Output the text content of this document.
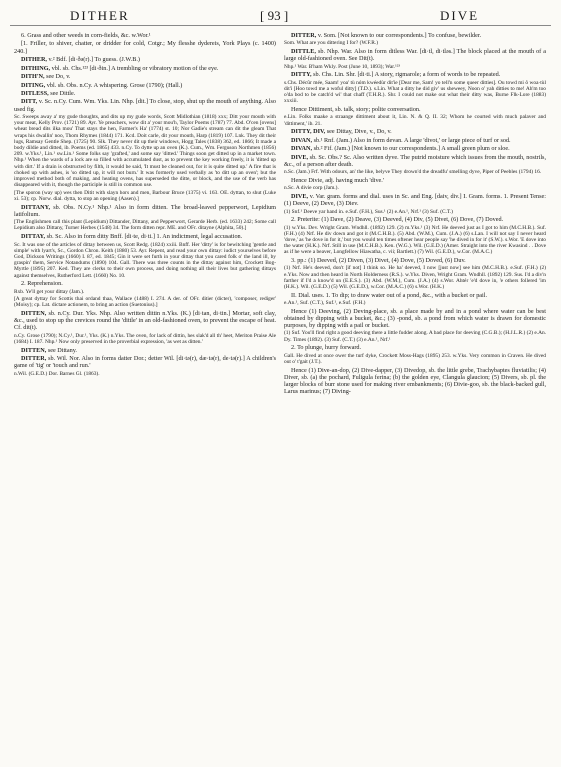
DITHER	[ 93 ]	DIVE

6. Grass and other weeds in corn-fields, &c. w.Wor.¹

[1. Friller, to shiver, chatter, or dridder for cold, Cotgr.; My flesshe dydereis, York Plays (c. 1400) 240.]

DITHER, v.² Bdf. [di·ðə(r).] To guess. (J.W.B.)

DITHING, vbl. sb. Chs.¹²³ [di·ðin.] A trembling or vibratory motion of the eye.

DITH'N, see Do, v.

DITING, vbl. sb. Obs. n.Cy. A whispering. Grose (1790); (Hall.)

DITLESS, see Dittle.

DITT, v. Sc. n.Cy. Cum. Wm. Yks. Lin. Nhp. [dit.] To close, stop, shut up the mouth of anything. Also used fig.

Sc. Sweeps away a' my gude thoughts, and dits up my gude words, Scott Midlothian (1818) xxx; Ditt your mouth with your meat, Kelly Prov. (1721) 89. Ayr. Ye preachers, wow dit a' your mou'h, Taylor Poems (1787) 77. Abd. O'cen [ovens] wheat bread dits ilka mou' That stays the hen, Farmer's Ha' (1774) st. 10; Nor Gadie's stream can dit the gleam That wraps his dwallin' noo, Thom Rhymes (1844) 171. Kcd. Doit carle, dit your mouth, Harp (1819) 107. Lnk. They dit their lugs, Ramsay Gentle Shep. (1725) 90. Slk. They never dit up their windows, Hogg Tales (1838) 362, ed. 1866; It made a body dildie and ditted, ib. Poems (ed. 1865) 433. n.Cy. To dytte up an oven (K.). Cum., Wm. Ferguson Northmen (1856) 209. w.Yks.¹, Lin.¹ sw.Lin.¹ Some folks say 'grafted,' and some say 'ditted.' Things soon get ditted up in a market town. Nhp.¹ When the wards of a lock are so filled with accumulated dust, as to prevent the key working freely, it is 'ditted up with dirt.' If a drain is obstructed by filth, it would be said, 'It must be cleaned out, for it is quite ditted up.' A fire that is choked up with ashes, is 'so ditted up, it will not burn.' It was formerly used verbally as 'to ditt up an oven'; but the improved method both of making, and heating ovens, has superseded the ditte, or block, and the use of the verb has disappeared with it, though the participle is still in common use.

[The sporon (way up) wes then Ditit with slayn hors and men, Barbour Bruce (1375) vi. 163. OE. dyttan, to shut (Luke xi. 53); cp. Norw. dial. dytta, to stop an opening (Aasen).]

DITTANY, sb. Obs. N.Cy.¹ Nhp.¹ Also in form ditten. The broad-leaved pepperwort, Lepidium latifolium.

[The Englishmen call this plant (Lepidium) Dittander, Dittany, and Pepperwort, Gerarde Herb. (ed. 1633) 242; Some call Lepidium also Dittany, Turner Herbes (1548) 34. The form ditten repr. ME. and OFr. ditayne (Alphita, 50).]

DITTAY, sb. Sc. Also in form ditty Bnff. [di·te, di·ti.] 1. An indictment, legal accusation.

Sc. It was one of the articles of dittay between us, Scott Redg. (1824) xxiii. Bnff. Her 'ditty' is for bewitching 'gentle and simple' with lyart's, Sc., Gordon Chron. Keith (1880) 53. Ayr. Repent, and read your own dittay: iudict yourselves before God, Dickson Writings (1660) I. 87, ed. 1845; Gin it were set furth in your dittay that you cared folk o' the land ill, by graspin' them, Service Notandums (1890) 104. Gall. There was three counts in the dittay against him, Crockett Bog-Myrtle (1895) 207. Ked. They are clerks to their own process, and doing nothing all their lives but gathering dittays against themselves, Rutherford Lett. (1660) No. 10.

2. Reprehension.

Rxb. Ye'll get your dittay (Jam.).

[A great dyttay for Scottis thai ordand thaa, Wallace (1488) I. 274. A der. of OFr. ditier (dicter), 'composer, rediger' (Moisy); cp. Lat. dictare actionem, to bring an action (Suetonius).]

DITTEN, sb. n.Cy. Dur. Yks. Nhp. Also written dittin n.Yks. (K.) [di·tan, di·tin.] Mortar, soft clay, &c., used to stop up the crevices round the 'dittle' in an old-fashioned oven, to prevent the escape of heat. Cf. dit(t).

n.Cy. Grose (1790); N.Cy.¹, Dur.¹, Yks. (K.) n.Yks. The oven, for lack of dittin, hes slak'd all th' heet, Meriton Praise Ale (1684) I. 187. Nhp.¹ Now only preserved in the proverbial expression, 'as wet as ditten.'

DITTEN, see Dittany.

DITTER, sb. Wil. Nor. Also in forms datter Dor.; detter Wil. [di·tə(r), dæ·tə(r), de·tə(r).] A children's game of 'tig' or 'touch and run.'

n.Wil. (G.E.D.) Dor. Barnes Gl. (1863).

DITTER, v. Som. [Not known to our correspondents.] To confuse, bewilder.

Som. What are you dittering I for? (W.F.R.)

DITTLE, sb. Nhp. War. Also in form ditless War. [di·tl, di·tləs.] The block placed at the mouth of a large old-fashioned oven. See Dit(t).

Nhp.¹ War. B'ham Wkly. Post (June 10, 1893); War.¹²³

DITTY, sb. Chs. Lin. Shr. [di·ti.] A story, rigmarole; a form of words to be repeated.

s.Chs. Décûr mée, Saam! yoa' tù nóm kwéedùr dit'ie [Dear me, Sam! yo tell'n some queer ditties]. Ou towd mi ô woa·tùl dit'i [Hoo towd me a woful ditty] (T.D.). s.Lin. What a ditty he did giv' us sheweey, Noon o' yah ditties to me! Ah'm too o'da bod to be catch'd wi' that chaff (T.H.R.). Shr. I could not make out what their ditty was, Burne Flk-Lore (1883) xxxiii.

Hence Dittiment, sb. talk, story; polite conversation.

e.Lin. Folks maake a straange dittiment about it, Lin. N. & Q. II. 32; Whom he courted with much palaver and 'dittiment,' ib. 21.

DITTY, DIV, see Dittay, Dive, v., Do, v.

DIVAN, sb.¹ Rnf. (Jam.) Also in form devan. A large 'divot,' or large piece of turf or sod.

DIVAN, sb.² Fif. (Jam.) [Not known to our correspondents.] A small green plum or sloe.

DIVE, sb. Sc. Obs.? Sc. Also written dyve. The putrid moisture which issues from the mouth, nostrils, &c., of a person after death.

n.Sc. (Jam.) Frf. With odours, an' the like, belyve They drown'd the dreadfu' smelling dyve, Piper of Peebles (1794) 16.

Hence Divie, adj. having much 'dive.'

n.Sc. A divie corp (Jam.).

DIVE, v. Var. gram. forms and dial. uses in Sc. and Eng. [daiv, div.] I. Gram. forms. 1. Present Tense: (1) Deeve, (2) Deve, (3) Diev.

(1) Snf.¹ Deeve yar hand in. e.Suf. (F.H.), Sus.¹ (2) e.An.¹, Nrf.¹ (3) Suf. (C.T.)

2. Preterite: (1) Dave, (2) Deave, (3) Deeved, (4) Div, (5) Divet, (6) Dove, (7) Doved.

(1) w.Yks. Dev. Wright Gram. Wndhll. (1892) 129. (2) m.Yks.¹ (3) Nrf. He deeved just as I got to him (M.C.H.B.). Suf. (F.H.) (4) Nrf. He div down and got it (M.C.H.B.). (5) Abd. (W.M.), Cum. (J.A.) (6) s.Lan. I will not say I never heard 'dove,' as 'he dove in for it,' but you would ten times oftener hear people say 'he dived in for it' (S.W.). s.Wor. 'E dove into the water (H.K.). Nrf. Still in use (M.C.H.B.). Ken. (W.G.). Wil. (G.E.D.) (Amer. Straight into the river Kwasind . . Dove as if he were a beaver, Longfellow Hiawatha, c. vii; Bartlett.) (7) Wil. (G.E.D.), w.Cor. (M.A.C.)

3. pp.: (1) Deeved, (2) Diven, (3) Divet, (4) Dove, (5) Doved, (6) Duv.

(1) Nrf. He's deeved, don't [if not] I think so. He ha' deeved, I now [just now] see him (M.C.H.B.). e.Suf. (F.H.) (2) e.Yks. Now and then heard in North Holderness (R.S.). w.Yks. Diven, Wright Gram. Wndhll. (1892) 129. Sus. I'd a div'n farther if I'd a know'd un (E.E.S.). (3) Abd. (W.M.), Cum. (J.A.) (4) s.Wor. Ahtér 'e'd dove in, 'e others follered 'im (H.K.). Wil. (G.E.D.) (5) Wil. (G.E.D.), w.Cor. (M.A.C.) (6) s.Wor. (H.K.)

II. Dial. uses. 1. To dip; to draw water out of a pond, &c., with a bucket or pail.

e.An.¹, Suf. (C.T.), Suf.¹, e.Suf. (F.H.)

Hence (1) Deeving, (2) Deving-place, sb. a place made by and in a pond where water can be best obtained by dipping with a bucket, &c.; (3) -pond, sb. a pond from which water is drawn for domestic purposes, by dipping with a pail or bucket.

(1) Suf. You'll find right a good deeving there a little fudder along. A bad place for deeving (C.G.B.); (H.J.L.R.) (2) e.An. Dy. Times (1892). (3) Suf. (C.T.) (3) e.An.¹, Nrf.¹

2. To plunge, hurry forward.

Gall. He dived at once ower the turf dyke, Crockett Moss-Hags (1895) 253. w.Yks. Very common in Craven. He dived out o' t'gait (J.T.).

Hence (1) Dive-an-dop, (2) Dive-dapper, (3) Divedop, sb. the little grebe, Trachybaptes fluviatilis; (4) Diver, sb. (a) the pochard, Fuligula ferina; (b) the golden eye, Clangula glaucion; (5) Divers, sb. pl. the larger blocks of burr stone used for making river embankments; (6) Divie-goo, sb. the black-backed gull, Larus marinus; (7) Diving-
